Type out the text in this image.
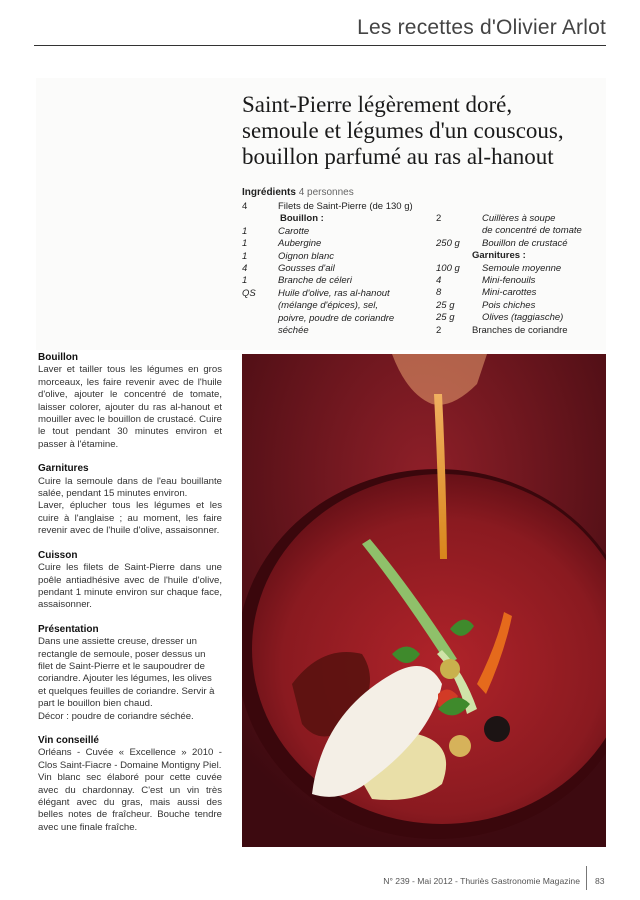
Les recettes d'Olivier Arlot
Saint-Pierre légèrement doré,
semoule et légumes d'un couscous,
bouillon parfumé au ras al-hanout
Ingrédients 4 personnes
4	Filets de Saint-Pierre (de 130 g)
Bouillon :
1	Carotte
1	Aubergine
1	Oignon blanc
4	Gousses d'ail
1	Branche de céleri
QS	Huile d'olive, ras al-hanout
(mélange d'épices), sel,
poivre, poudre de coriandre
séchée
2	Cuillères à soupe
de concentré de tomate
250 g	Bouillon de crustacé
Garnitures :
100 g	Semoule moyenne
4	Mini-fenouils
8	Mini-carottes
25 g	Pois chiches
25 g	Olives (taggiasche)
2	Branches de coriandre
Bouillon

Laver et tailler tous les légumes en gros morceaux, les faire revenir avec de l'huile d'olive, ajouter le concentré de tomate, laisser colorer, ajouter du ras al-hanout et mouiller avec le bouillon de crustacé. Cuire le tout pendant 30 minutes environ et passer à l'étamine.

Garnitures

Cuire la semoule dans de l'eau bouillante salée, pendant 15 minutes environ.

Laver, éplucher tous les légumes et les cuire à l'anglaise ; au moment, les faire revenir avec de l'huile d'olive, assaisonner.

Cuisson

Cuire les filets de Saint-Pierre dans une poêle antiadhésive avec de l'huile d'olive, pendant 1 minute environ sur chaque face, assaisonner.

Présentation

Dans une assiette creuse, dresser un rectangle de semoule, poser dessus un filet de Saint-Pierre et le saupoudrer de coriandre. Ajouter les légumes, les olives et quelques feuilles de coriandre. Servir à part le bouillon bien chaud.

Décor : poudre de coriandre séchée.

Vin conseillé

Orléans - Cuvée « Excellence » 2010 - Clos Saint-Fiacre - Domaine Montigny Piel.

Vin blanc sec élaboré pour cette cuvée avec du chardonnay. C'est un vin très élégant avec du gras, mais aussi des belles notes de fraîcheur. Bouche tendre avec une finale fraîche.

N° 239 - Mai 2012 - Thuriès Gastronomie Magazine 83
